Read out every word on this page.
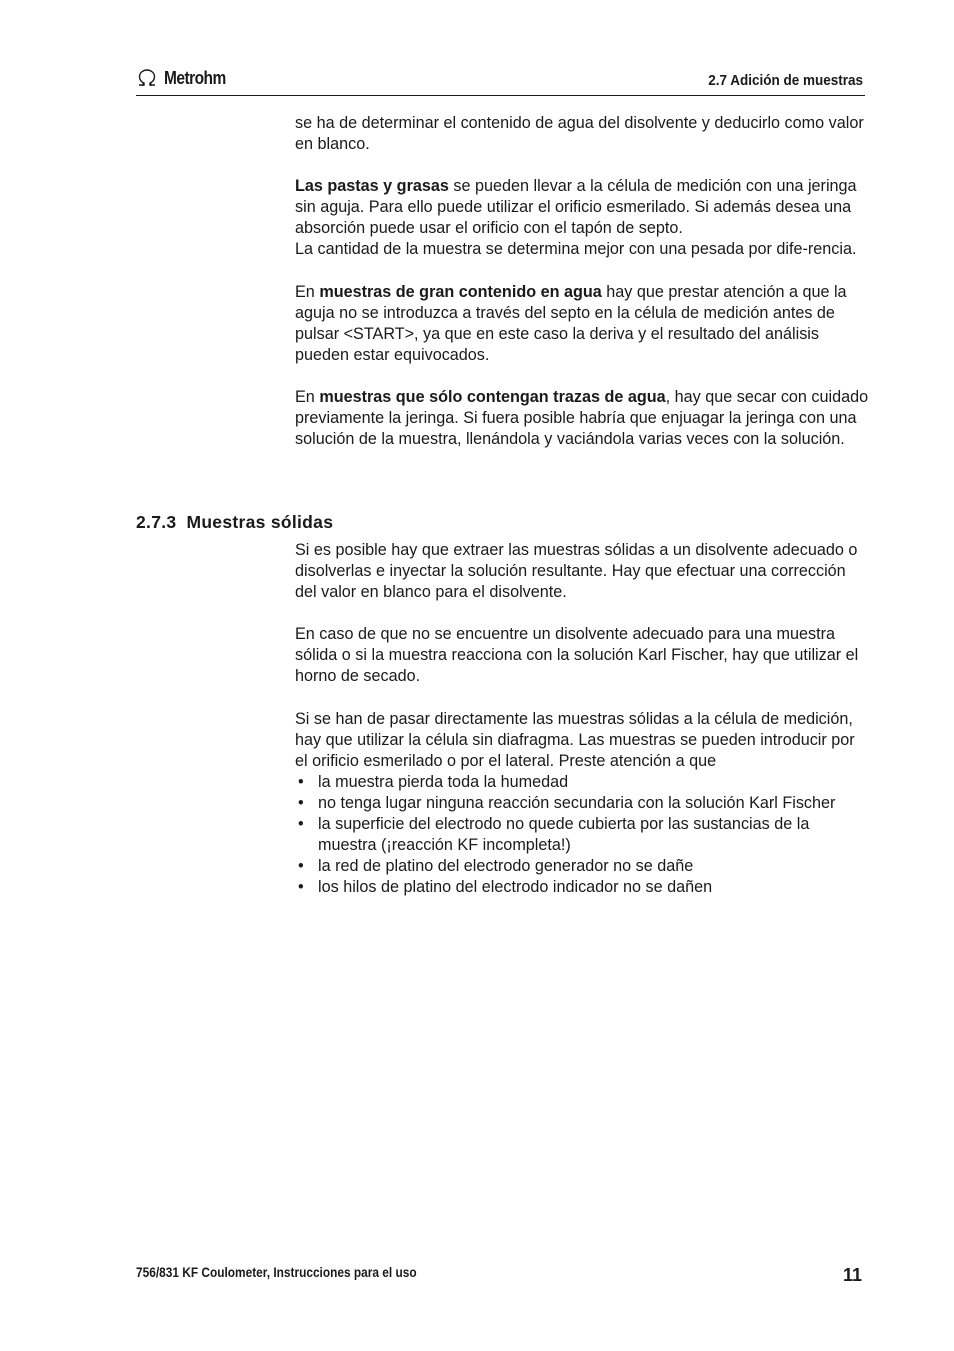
Metrohm	2.7 Adición de muestras

se ha de determinar el contenido de agua del disolvente y deducirlo como valor en blanco.

Las pastas y grasas se pueden llevar a la célula de medición con una jeringa sin aguja. Para ello puede utilizar el orificio esmerilado. Si además desea una absorción puede usar el orificio con el tapón de septo.

La cantidad de la muestra se determina mejor con una pesada por dife-rencia.

En muestras de gran contenido en agua hay que prestar atención a que la aguja no se introduzca a través del septo en la célula de medición antes de pulsar <START>, ya que en este caso la deriva y el resultado del análisis pueden estar equivocados.

En muestras que sólo contengan trazas de agua, hay que secar con cuidado previamente la jeringa. Si fuera posible habría que enjuagar la jeringa con una solución de la muestra, llenándola y vaciándola varias veces con la solución.

2.7.3 Muestras sólidas

Si es posible hay que extraer las muestras sólidas a un disolvente adecuado o disolverlas e inyectar la solución resultante. Hay que efectuar una corrección del valor en blanco para el disolvente.

En caso de que no se encuentre un disolvente adecuado para una muestra sólida o si la muestra reacciona con la solución Karl Fischer, hay que utilizar el horno de secado.

Si se han de pasar directamente las muestras sólidas a la célula de medición, hay que utilizar la célula sin diafragma. Las muestras se pueden introducir por el orificio esmerilado o por el lateral. Preste atención a que

• la muestra pierda toda la humedad
• no tenga lugar ninguna reacción secundaria con la solución Karl Fischer
• la superficie del electrodo no quede cubierta por las sustancias de la muestra (¡reacción KF incompleta!)
• la red de platino del electrodo generador no se dañe
• los hilos de platino del electrodo indicador no se dañen
756/831 KF Coulometer, Instrucciones para el uso	11
